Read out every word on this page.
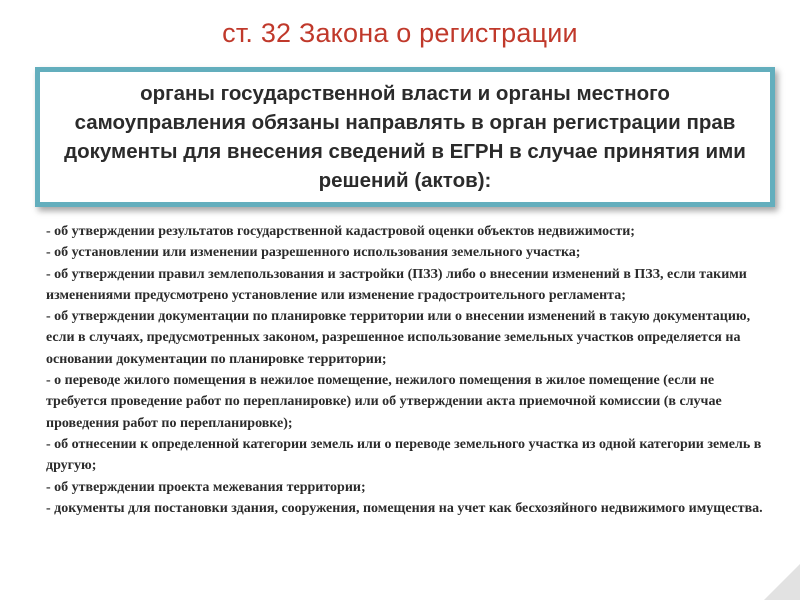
ст. 32 Закона о регистрации
органы государственной власти и органы местного самоуправления обязаны направлять в орган регистрации прав документы для внесения сведений в ЕГРН в случае принятия ими решений (актов):
- об утверждении результатов государственной кадастровой оценки объектов недвижимости;
- об установлении или изменении разрешенного использования земельного участка;
- об утверждении правил землепользования и застройки (ПЗЗ) либо о внесении изменений в ПЗЗ, если такими изменениями предусмотрено установление или изменение градостроительного регламента;
- об утверждении документации по планировке территории или о внесении изменений в такую документацию, если в случаях, предусмотренных законом, разрешенное использование земельных участков определяется на основании документации по планировке территории;
- о переводе жилого помещения в нежилое помещение, нежилого помещения в жилое помещение (если не требуется проведение работ по перепланировке) или об утверждении акта приемочной комиссии (в случае проведения работ по перепланировке);
- об отнесении к определенной категории земель или о переводе земельного участка из одной категории земель в другую;
- об утверждении проекта межевания территории;
- документы для постановки здания, сооружения, помещения на учет как бесхозяйного недвижимого имущества.
